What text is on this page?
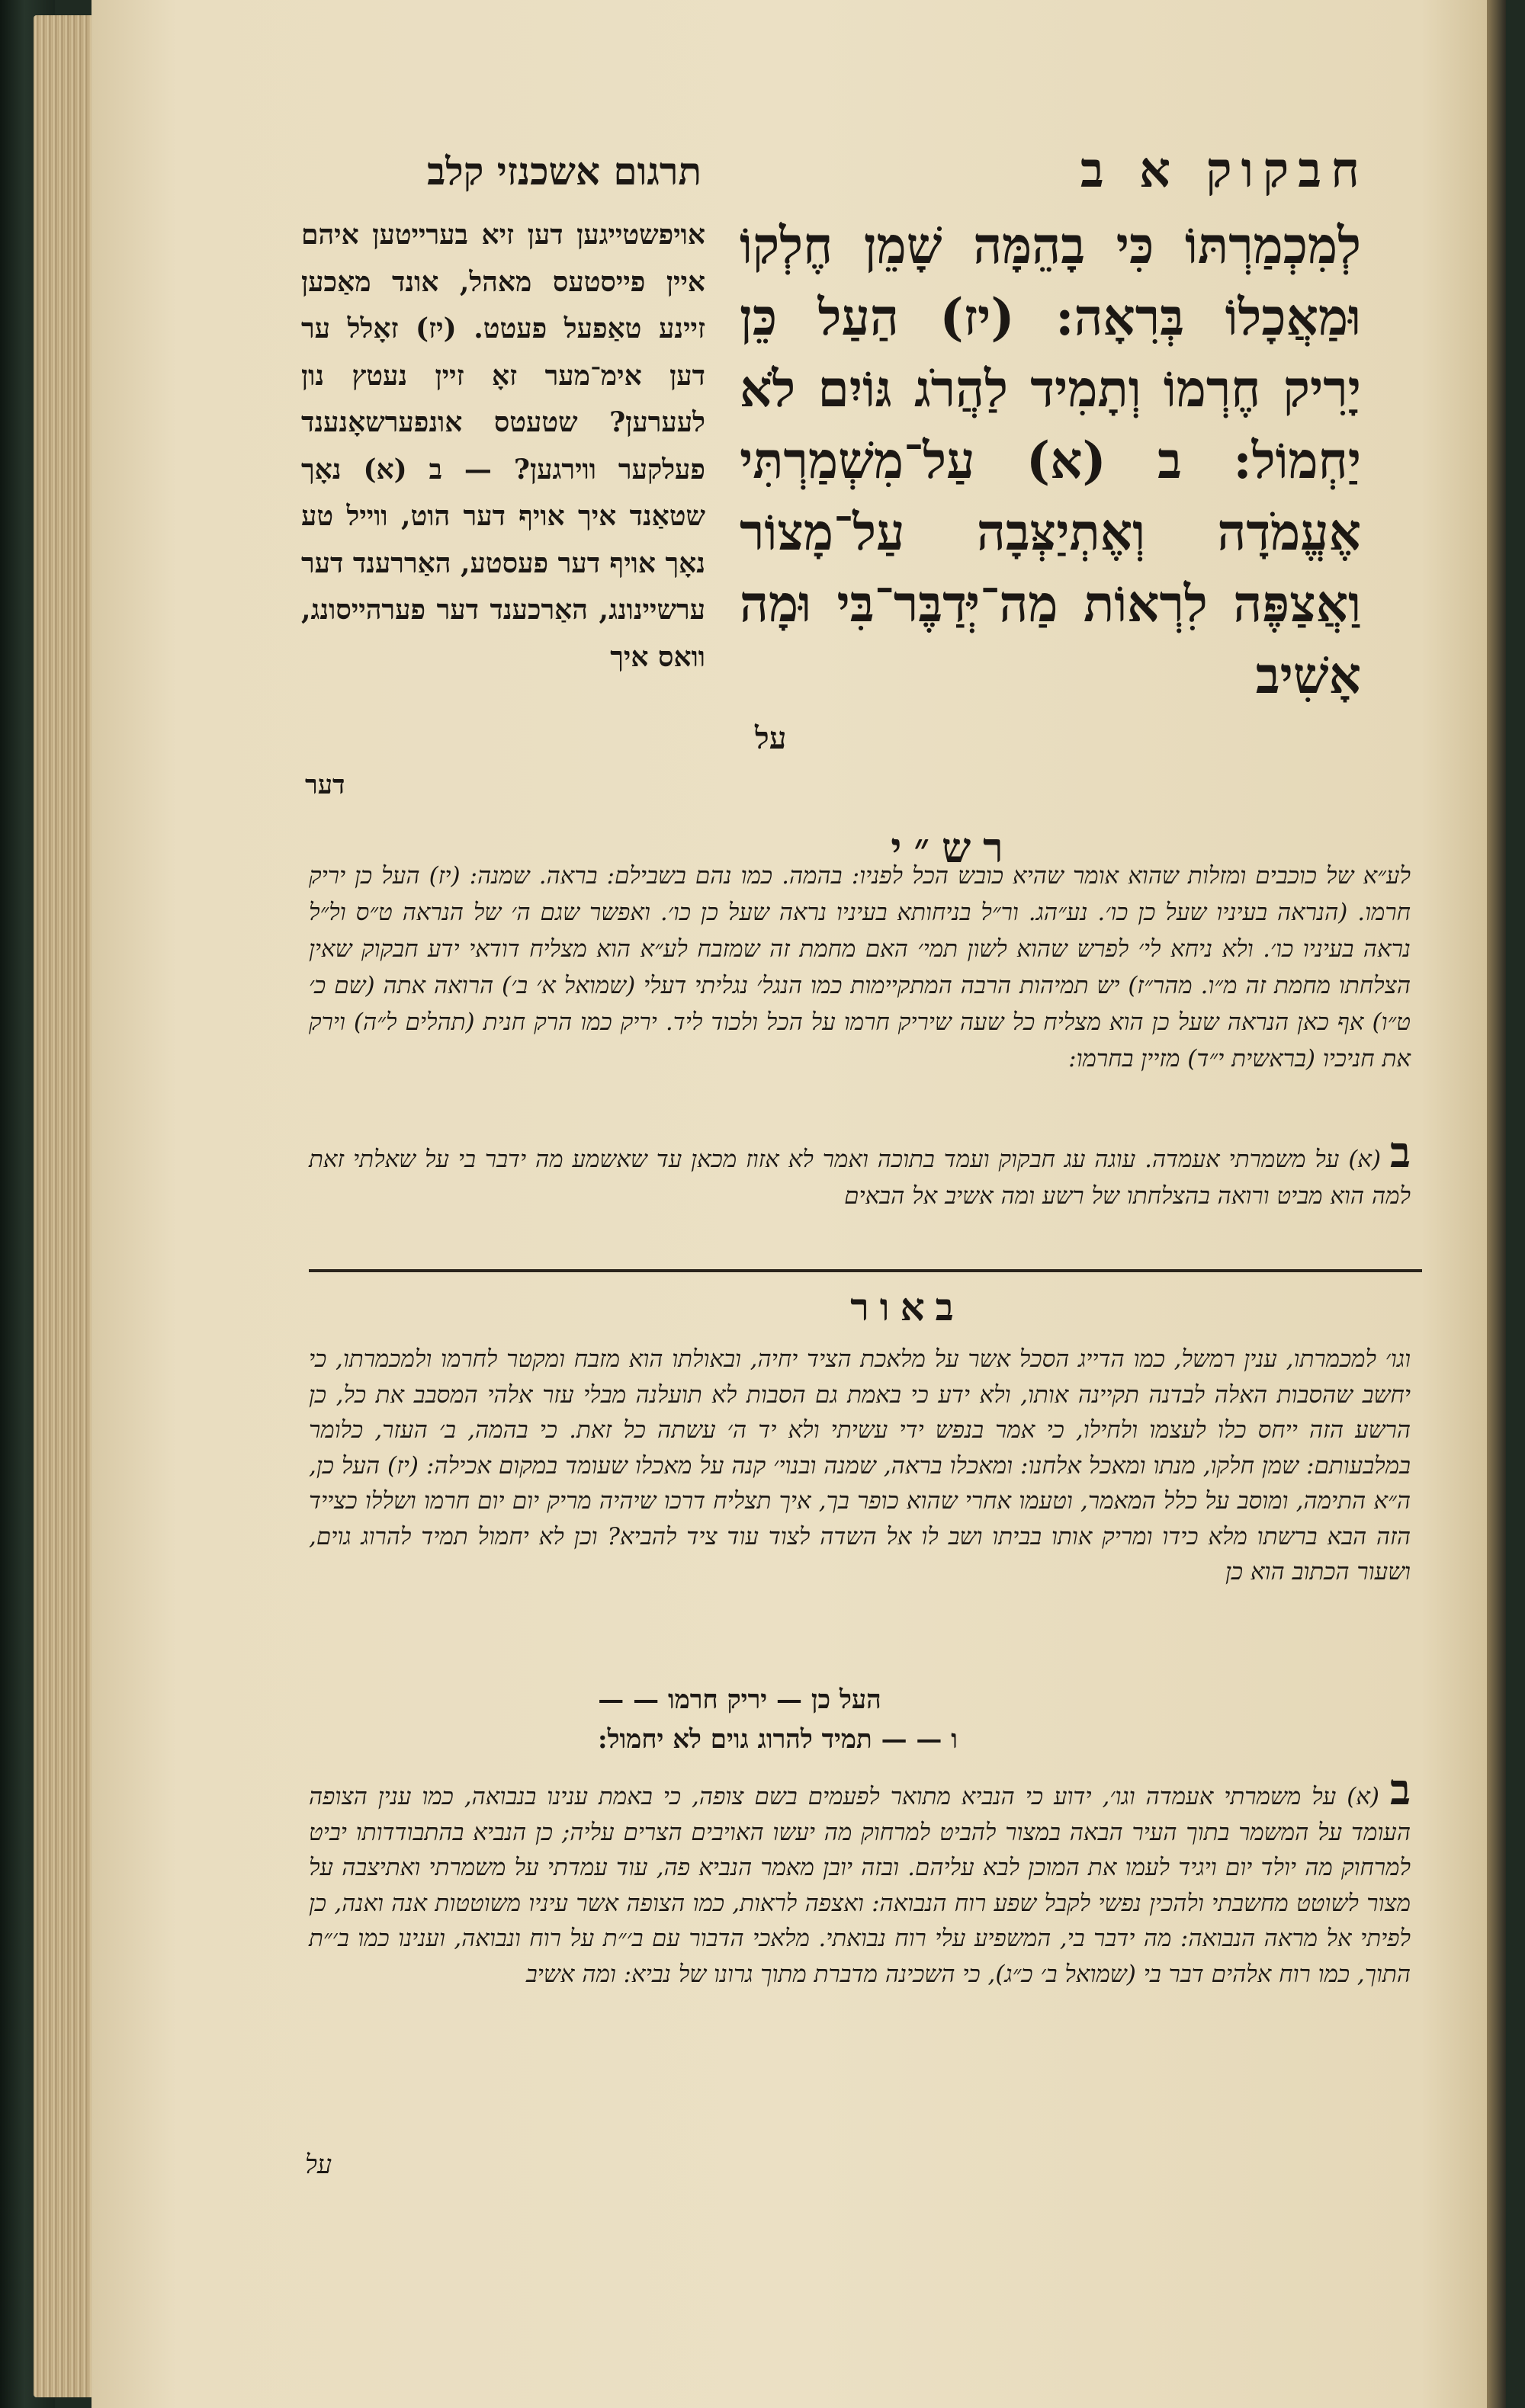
חבקוק א ב
תרגום אשכנזי קלב
לְמִכְמַרְתּוֹ כִּי בָהֵמָּה שָׁמֵן חֶלְקוֹ וּמַאֲכָלוֹ בְּרִאָה: (יז) הַעַל כֵּן יָרִיק חֶרְמוֹ וְתָמִיד לַהֲרֹג גּוֹיִם לֹא יַחְמוֹל: ב (א) עַל־מִשְׁמַרְתִּי אֶעֱמֹדָה וְאֶתְיַצְּבָה עַל־מָצוֹר וַאֲצַפֶּה לִרְאוֹת מַה־יְּדַבֶּר־בִּי וּמָה אָשִׁיב
על
אויפשטייגען דען זיא בערייטען איהם איין פייסטעס מאהל, אונד מאַכען זיינע טאַפעל פעטט. (יז) זאָלל ער דען אימ־מער זאָ זיין נעטץ נון לעערען? שטעטס אונפערשאָנענד פעלקער ווירגען? — ב (א) נאָך שטאַנד איך אויף דער הוט, ווייל טע נאָך אויף דער פעסטע, האַררענד דער ערשיינונג, האַרכענד דער פערהייסונג, וואס איך
דער
רש״י
לע״א של כוכבים ומזלות שהוא אומר שהיא כובש הכל לפניו: בהמה. כמו נהם בשבילם: בראה. שמנה: (יז) העל כן יריק חרמו. (הנראה בעיניו שעל כן כו׳. נע״הג. ור״ל בניחותא בעיניו נראה שעל כן כו׳. ואפשר שגם ה׳ של הנראה ט״ס ול״ל נראה בעיניו כו׳. ולא ניחא לי׳ לפרש שהוא לשון תמי׳ האם מחמת זה שמזבח לע״א הוא מצליח דודאי ידע חבקוק שאין הצלחתו מחמת זה מ״ו. מהר״ז) יש תמיהות הרבה המתקיימות כמו הנגל׳ נגליתי דעלי (שמואל א׳ ב׳) הרואה אתה (שם כ׳ ט״ו) אף כאן הנראה שעל כן הוא מצליח כל שעה שיריק חרמו על הכל ולכוד ליד. יריק כמו הרק חנית (תהלים ל״ה) וירק את חניכיו (בראשית י״ד) מזיין בחרמו:
ב (א) על משמרתי אעמדה. עוגה עג חבקוק ועמד בתוכה ואמר לא אזוז מכאן עד שאשמע מה ידבר בי על שאלתי זאת למה הוא מביט ורואה בהצלחתו של רשע ומה אשיב אל הבאים
באור
וגו׳ למכמרתו, ענין רמשל, כמו הדייג הסכל אשר על מלאכת הציד יחיה, ובאולתו הוא מזבח ומקטר לחרמו ולמכמרתו, כי יחשב שהסבות האלה לבדנה תקיינה אותו, ולא ידע כי באמת גם הסבות לא תועלנה מבלי עזר אלהי המסבב את כל, כן הרשע הזה ייחס כלו לעצמו ולחילו, כי אמר בנפש ידי עשיתי ולא יד ה׳ עשתה כל זאת. כי בהמה, ב׳ העזר, כלומר במלבעותם: שמן חלקו, מנתו ומאכל אלחנו: ומאכלו בראה, שמנה ובנוי׳ קנה על מאכלו שעומד במקום אכילה: (יז) העל כן, ה״א התימה, ומוסב על כלל המאמר, וטעמו אחרי שהוא כופר בך, איך תצליח דרכו שיהיה מריק יום יום חרמו ושללו כצייד הזה הבא ברשתו מלא כידו ומריק אותו בביתו ושב לו אל השדה לצוד עוד ציד להביא? וכן לא יחמול תמיד להרוג גוים, ושעור הכתוב הוא כן
העל כן — יריק חרמו — —
ו — — תמיד להרוג גוים לא יחמול:
ב (א) על משמרתי אעמדה וגו׳, ידוע כי הנביא מתואר לפעמים בשם צופה, כי באמת ענינו בנבואה, כמו ענין הצופה העומד על המשמר בתוך העיר הבאה במצור להביט למרחוק מה יעשו האויבים הצרים עליה; כן הנביא בהתבודדותו יביט למרחוק מה יולד יום ויגיד לעמו את המוכן לבא עליהם. ובזה יובן מאמר הנביא פה, עוד עמדתי על משמרתי ואתיצבה על מצור לשוטט מחשבתי ולהכין נפשי לקבל שפע רוח הנבואה: ואצפה לראות, כמו הצופה אשר עיניו משוטטות אנה ואנה, כן לפיתי אל מראה הנבואה: מה ידבר בי, המשפיע עלי רוח נבואתי. מלאכי הדבור עם ב׳״ת על רוח ונבואה, וענינו כמו ב׳״ת התוך, כמו רוח אלהים דבר בי (שמואל ב׳ כ״ג), כי השכינה מדברת מתוך גרונו של נביא: ומה אשיב
על
